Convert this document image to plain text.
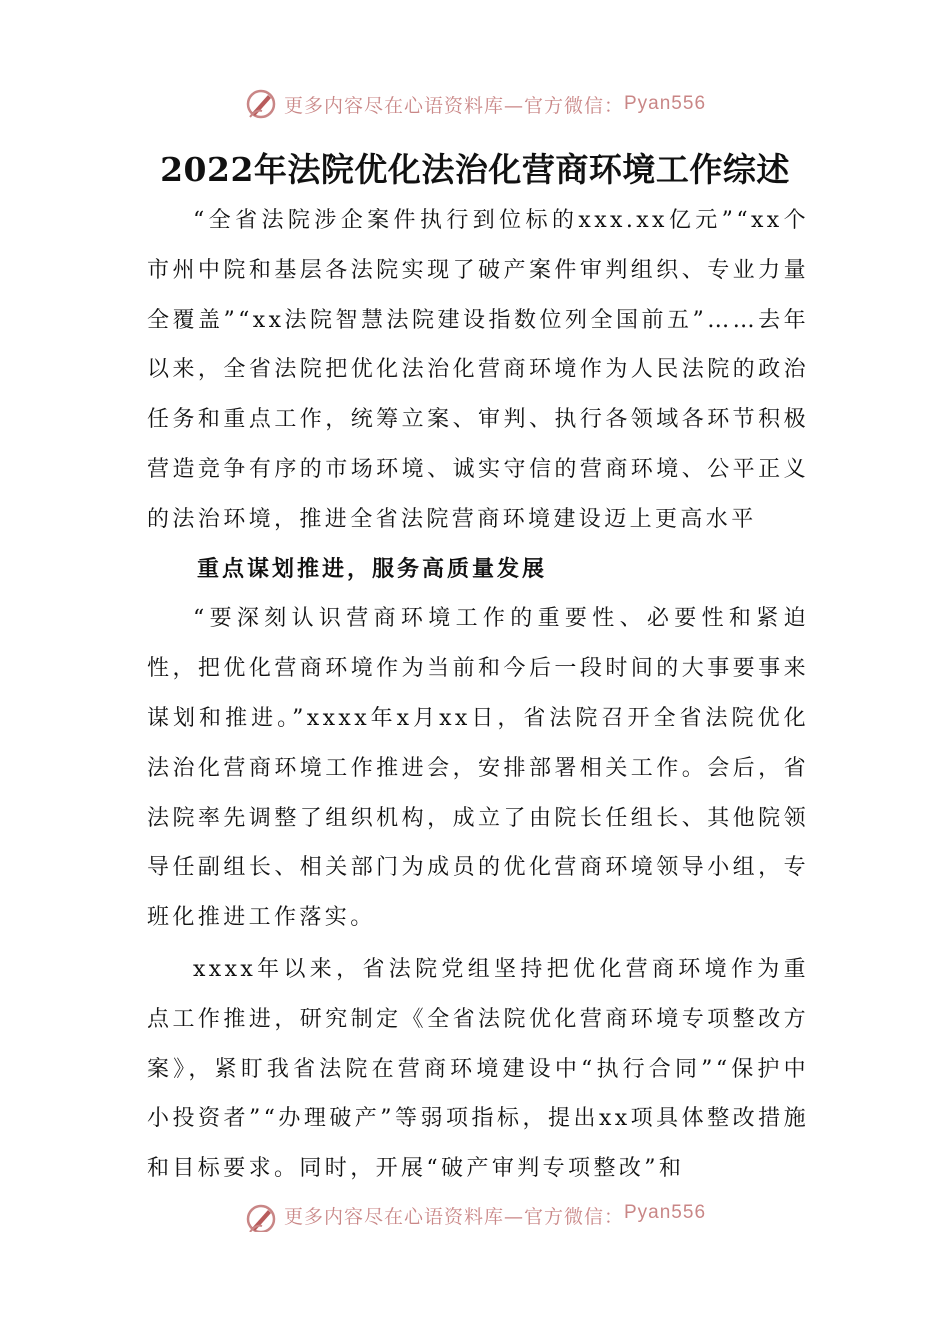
更多内容尽在心语资料库—官方微信： Pyan556
2022年法院优化法治化营商环境工作综述

“全省法院涉企案件执行到位标的xxx.xx亿元”“xx个市州中院和基层各法院实现了破产案件审判组织、专业力量全覆盖”“xx法院智慧法院建设指数位列全国前五”……去年以来，全省法院把优化法治化营商环境作为人民法院的政治任务和重点工作，统筹立案、审判、执行各领域各环节积极营造竞争有序的市场环境、诚实守信的营商环境、公平正义的法治环境，推进全省法院营商环境建设迈上更高水平

重点谋划推进，服务高质量发展

“要深刻认识营商环境工作的重要性、必要性和紧迫性，把优化营商环境作为当前和今后一段时间的大事要事来谋划和推进。”xxxx年x月xx日，省法院召开全省法院优化法治化营商环境工作推进会，安排部署相关工作。会后，省法院率先调整了组织机构，成立了由院长任组长、其他院领导任副组长、相关部门为成员的优化营商环境领导小组，专班化推进工作落实。

xxxx年以来，省法院党组坚持把优化营商环境作为重点工作推进，研究制定《全省法院优化营商环境专项整改方案》，紧盯我省法院在营商环境建设中“执行合同”“保护中小投资者”“办理破产”等弱项指标，提出xx项具体整改措施和目标要求。同时，开展“破产审判专项整改”和

更多内容尽在心语资料库—官方微信： Pyan556
